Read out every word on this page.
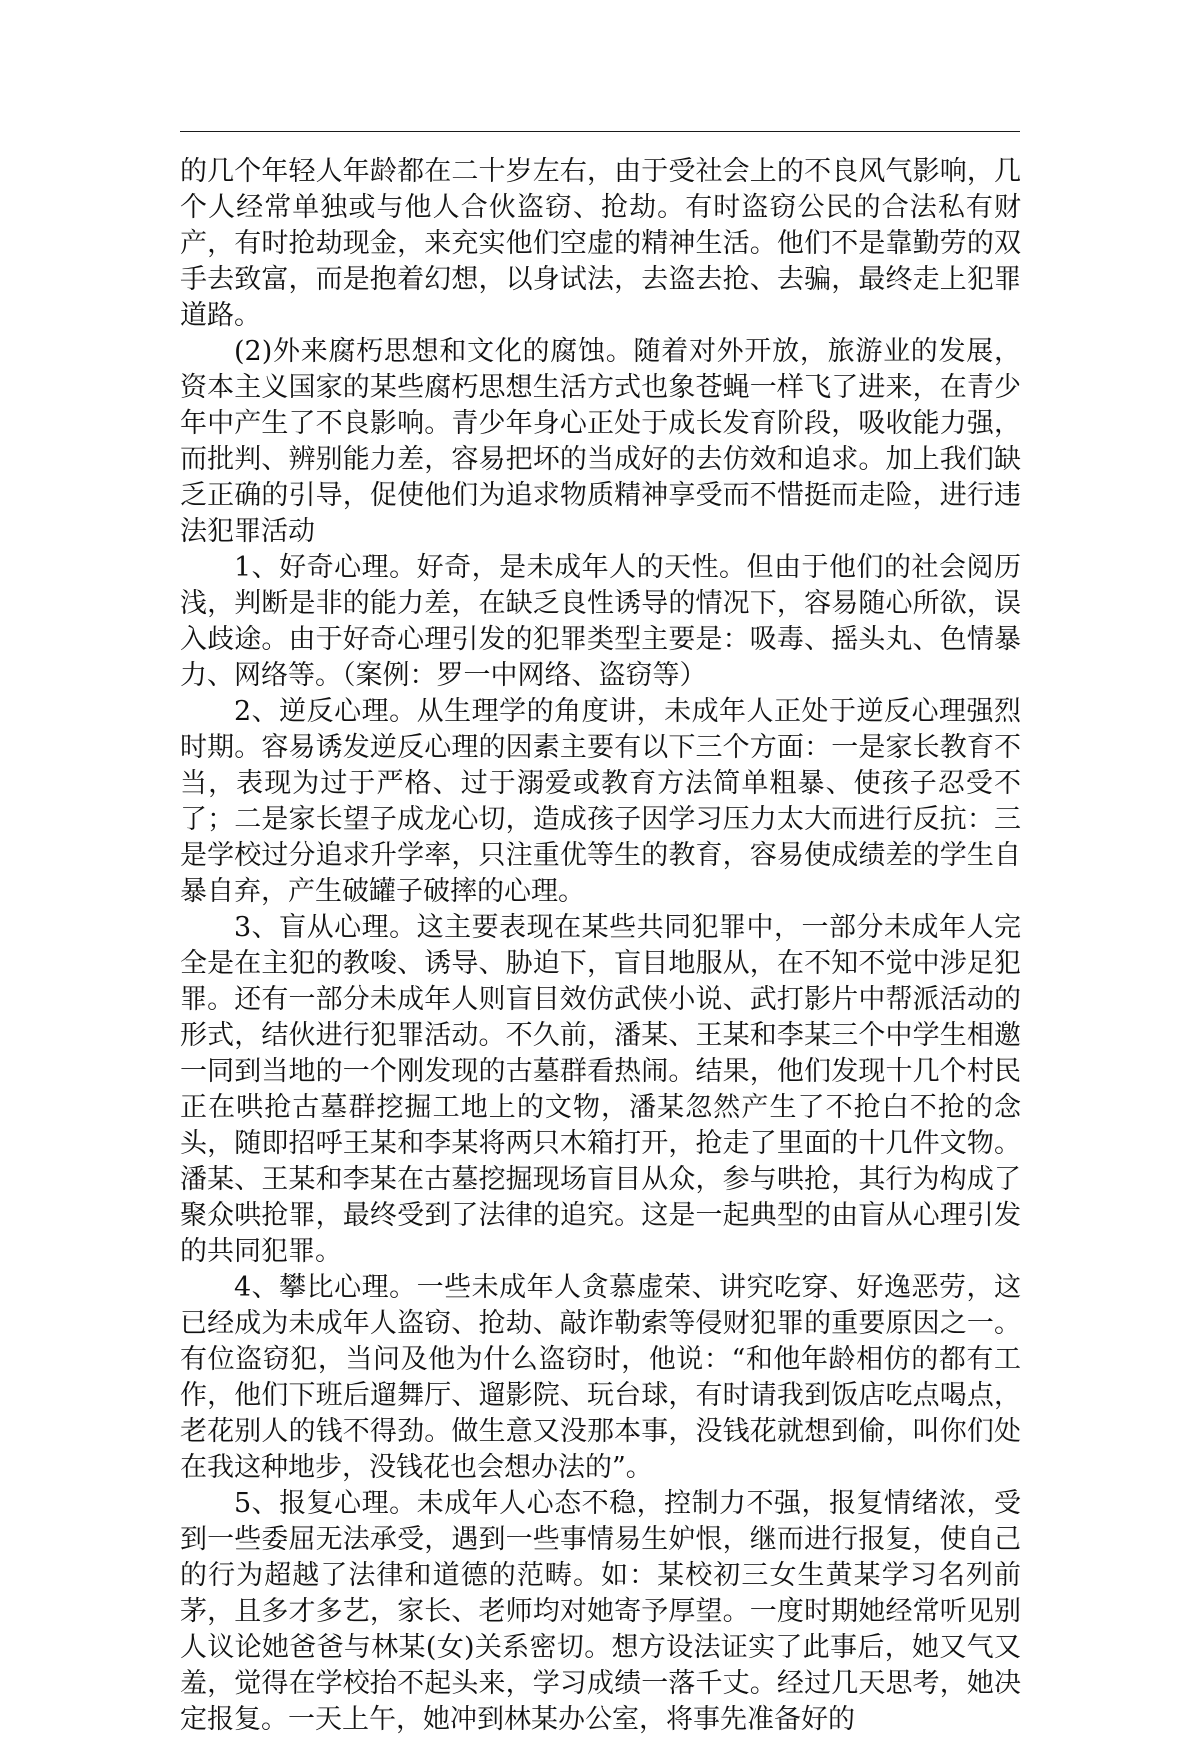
的几个年轻人年龄都在二十岁左右，由于受社会上的不良风气影响，几个人经常单独或与他人合伙盗窃、抢劫。有时盗窃公民的合法私有财产，有时抢劫现金，来充实他们空虚的精神生活。他们不是靠勤劳的双手去致富，而是抱着幻想，以身试法，去盗去抢、去骗，最终走上犯罪道路。

(2)外来腐朽思想和文化的腐蚀。随着对外开放，旅游业的发展，资本主义国家的某些腐朽思想生活方式也象苍蝇一样飞了进来，在青少年中产生了不良影响。青少年身心正处于成长发育阶段，吸收能力强，而批判、辨别能力差，容易把坏的当成好的去仿效和追求。加上我们缺乏正确的引导，促使他们为追求物质精神享受而不惜挺而走险，进行违法犯罪活动

1、好奇心理。好奇，是未成年人的天性。但由于他们的社会阅历浅，判断是非的能力差，在缺乏良性诱导的情况下，容易随心所欲，误入歧途。由于好奇心理引发的犯罪类型主要是：吸毒、摇头丸、色情暴力、网络等。（案例：罗一中网络、盗窃等）

2、逆反心理。从生理学的角度讲，未成年人正处于逆反心理强烈时期。容易诱发逆反心理的因素主要有以下三个方面：一是家长教育不当，表现为过于严格、过于溺爱或教育方法简单粗暴、使孩子忍受不了；二是家长望子成龙心切，造成孩子因学习压力太大而进行反抗：三是学校过分追求升学率，只注重优等生的教育，容易使成绩差的学生自暴自弃，产生破罐子破摔的心理。

3、盲从心理。这主要表现在某些共同犯罪中，一部分未成年人完全是在主犯的教唆、诱导、胁迫下，盲目地服从，在不知不觉中涉足犯罪。还有一部分未成年人则盲目效仿武侠小说、武打影片中帮派活动的形式，结伙进行犯罪活动。不久前，潘某、王某和李某三个中学生相邀一同到当地的一个刚发现的古墓群看热闹。结果，他们发现十几个村民正在哄抢古墓群挖掘工地上的文物，潘某忽然产生了不抢白不抢的念头，随即招呼王某和李某将两只木箱打开，抢走了里面的十几件文物。潘某、王某和李某在古墓挖掘现场盲目从众，参与哄抢，其行为构成了聚众哄抢罪，最终受到了法律的追究。这是一起典型的由盲从心理引发的共同犯罪。

4、攀比心理。一些未成年人贪慕虚荣、讲究吃穿、好逸恶劳，这已经成为未成年人盗窃、抢劫、敲诈勒索等侵财犯罪的重要原因之一。有位盗窃犯，当问及他为什么盗窃时，他说：“和他年龄相仿的都有工作，他们下班后遛舞厅、遛影院、玩台球，有时请我到饭店吃点喝点，老花别人的钱不得劲。做生意又没那本事，没钱花就想到偷，叫你们处在我这种地步，没钱花也会想办法的”。

5、报复心理。未成年人心态不稳，控制力不强，报复情绪浓，受到一些委屈无法承受，遇到一些事情易生妒恨，继而进行报复，使自己的行为超越了法律和道德的范畴。如：某校初三女生黄某学习名列前茅，且多才多艺，家长、老师均对她寄予厚望。一度时期她经常听见别人议论她爸爸与林某(女)关系密切。想方设法证实了此事后，她又气又羞，觉得在学校抬不起头来，学习成绩一落千丈。经过几天思考，她决定报复。一天上午，她冲到林某办公室，将事先准备好的
